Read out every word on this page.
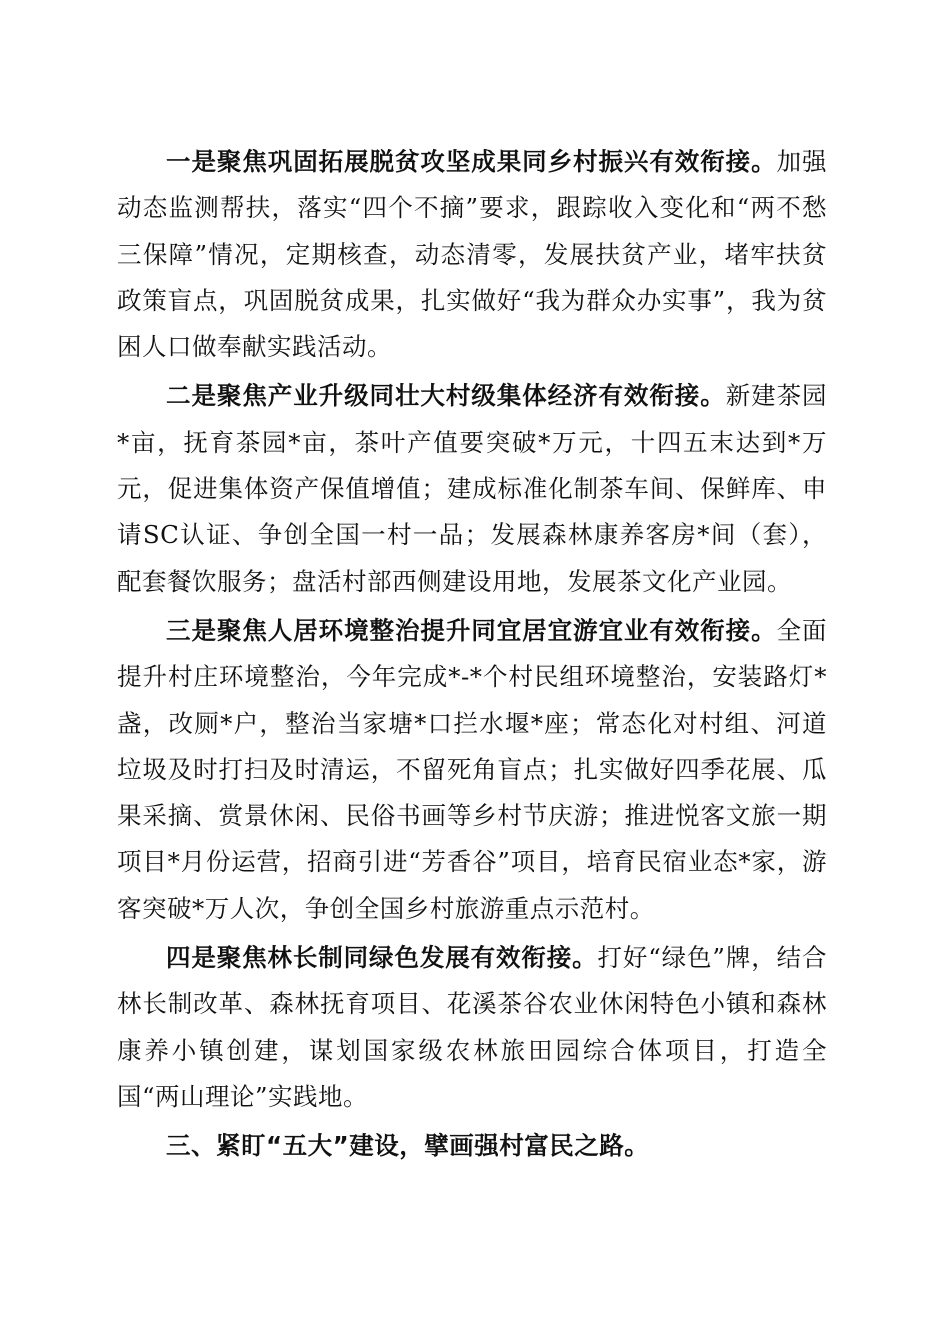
一是聚焦巩固拓展脱贫攻坚成果同乡村振兴有效衔接。加强动态监测帮扶，落实“四个不摘”要求，跟踪收入变化和“两不愁三保障”情况，定期核查，动态清零，发展扶贫产业，堵牢扶贫政策盲点，巩固脱贫成果，扎实做好“我为群众办实事”，我为贫困人口做奉献实践活动。

二是聚焦产业升级同壮大村级集体经济有效衔接。新建茶园*亩，抚育茶园*亩，茶叶产值要突破*万元，十四五末达到*万元，促进集体资产保值增值；建成标准化制茶车间、保鲜库、申请SC认证、争创全国一村一品；发展森林康养客房*间（套），配套餐饮服务；盘活村部西侧建设用地，发展茶文化产业园。

三是聚焦人居环境整治提升同宜居宜游宜业有效衔接。全面提升村庄环境整治，今年完成*-*个村民组环境整治，安装路灯*盏，改厕*户，整治当家塘*口拦水堰*座；常态化对村组、河道垃圾及时打扫及时清运，不留死角盲点；扎实做好四季花展、瓜果采摘、赏景休闲、民俗书画等乡村节庆游；推进悦客文旅一期项目*月份运营，招商引进“芳香谷”项目，培育民宿业态*家，游客突破*万人次，争创全国乡村旅游重点示范村。

四是聚焦林长制同绿色发展有效衔接。打好“绿色”牌，结合林长制改革、森林抚育项目、花溪茶谷农业休闲特色小镇和森林康养小镇创建，谋划国家级农林旅田园综合体项目，打造全国“两山理论”实践地。

三、紧盯“五大”建设，擘画强村富民之路。
